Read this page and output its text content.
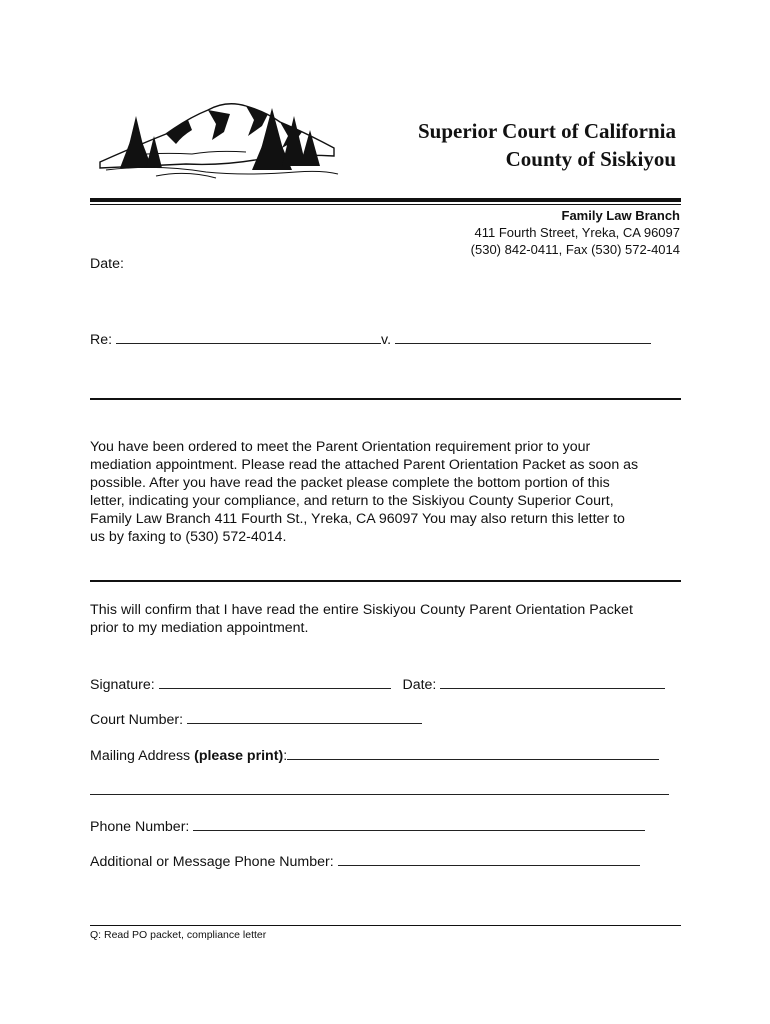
Superior Court of California
County of Siskiyou
Family Law Branch
411 Fourth Street, Yreka, CA 96097
(530) 842-0411, Fax (530) 572-4014
Date:
Re:	v.
You have been ordered to meet the Parent Orientation requirement prior to your
mediation appointment. Please read the attached Parent Orientation Packet as soon as
possible. After you have read the packet please complete the bottom portion of this
letter, indicating your compliance, and return to the Siskiyou County Superior Court,
Family Law Branch 411 Fourth St., Yreka, CA 96097 You may also return this letter to
us by faxing to (530) 572-4014.
This will confirm that I have read the entire Siskiyou County Parent Orientation Packet
prior to my mediation appointment.
Signature:	Date:
Court Number:
Mailing Address (please print):
Phone Number:
Additional or Message Phone Number:
Q: Read PO packet, compliance letter
